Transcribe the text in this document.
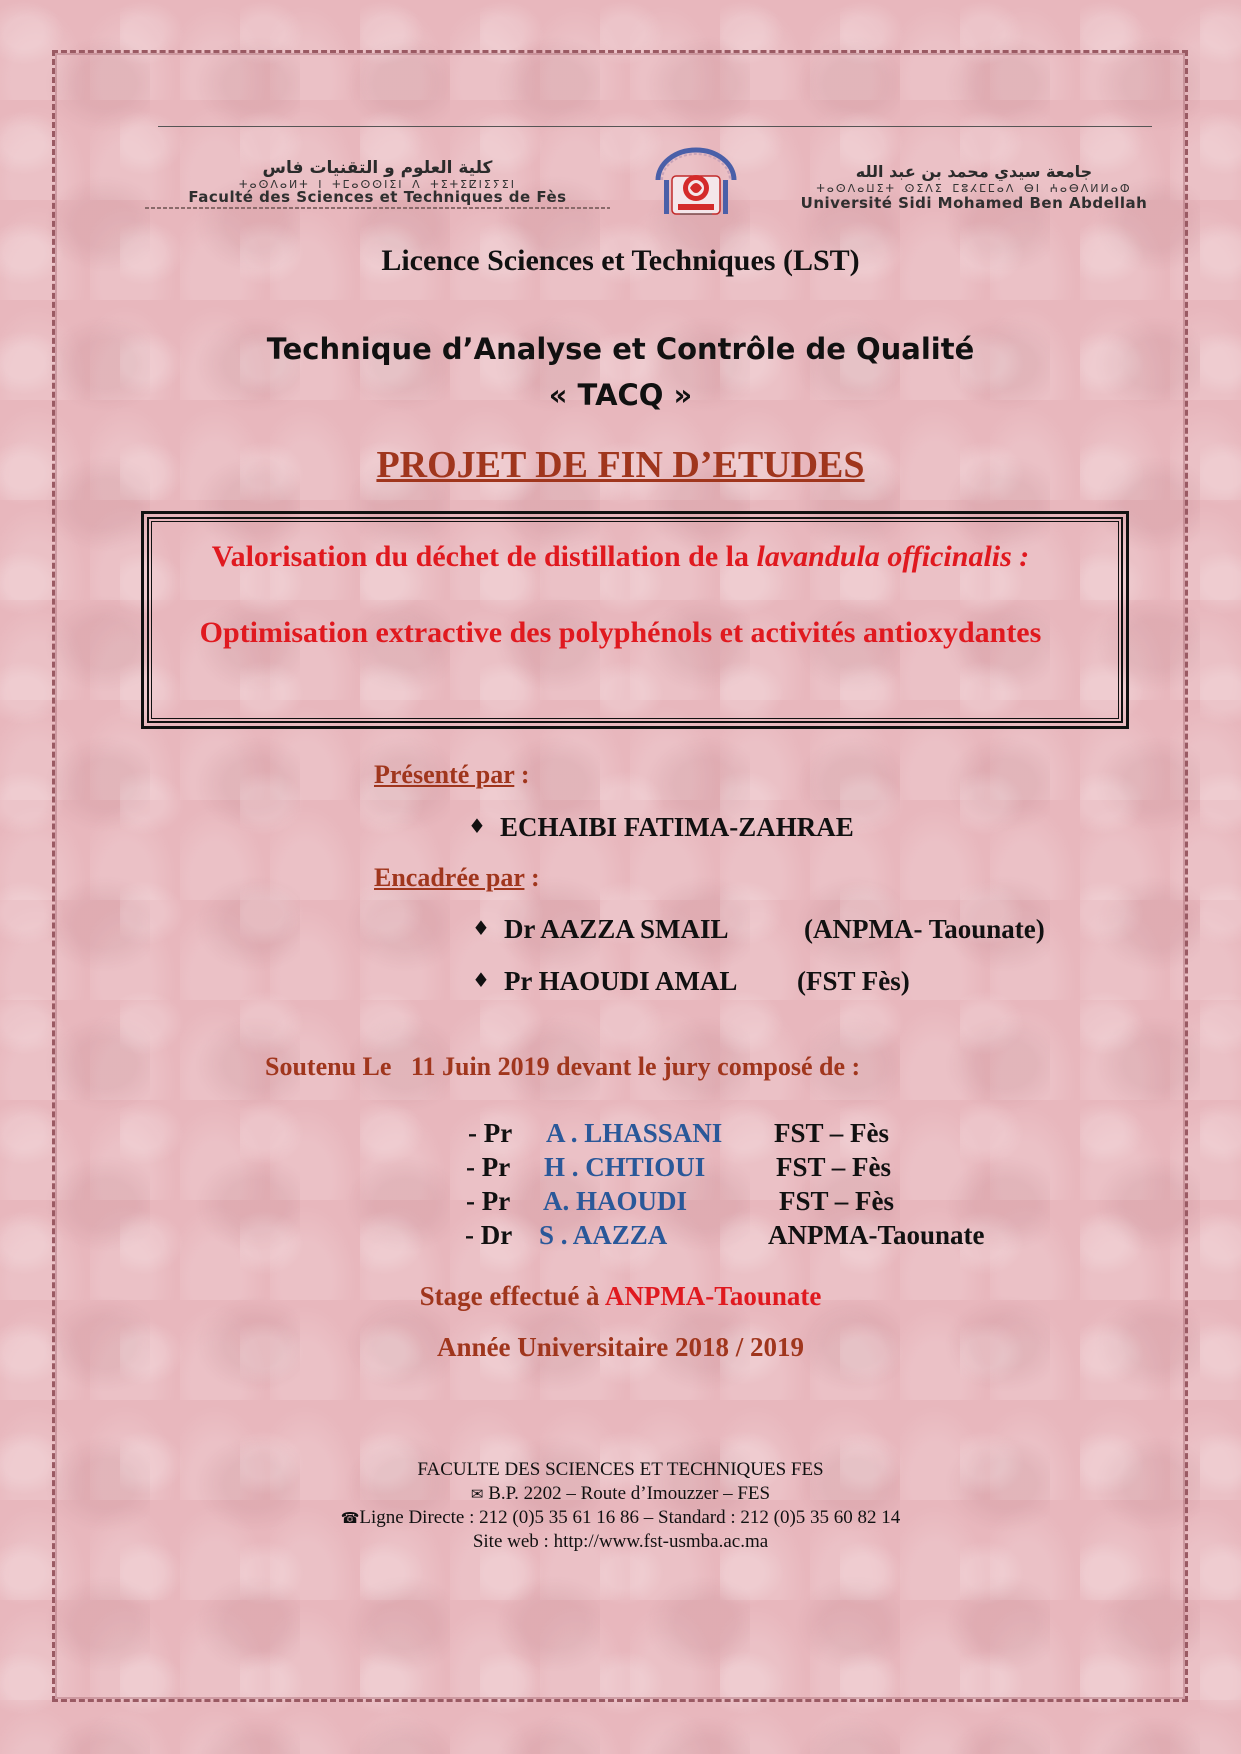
كلية العلوم و التقنيات فاس
ⵜⴰⵙⴷⴰⵍⵜ ⵏ ⵜⵎⴰⵙⵙⵏⵉⵏ ⴷ ⵜⵉⵜⵉⵇⵏⵉⵢⵉⵏ
Faculté des Sciences et Techniques de Fès
جامعة سيدي محمد بن عبد الله
ⵜⴰⵙⴷⴰⵡⵉⵜ ⵙⵉⴷⵉ ⵎⵓⵃⵎⵎⴰⴷ ⴱⵏ ⵄⴰⴱⴷⵍⵍⴰⵀ
Université Sidi Mohamed Ben Abdellah
Licence Sciences et Techniques (LST)
Technique d’Analyse et Contrôle de Qualité
« TACQ »
PROJET DE FIN D’ETUDES
Valorisation du déchet de distillation de la lavandula officinalis :
Optimisation extractive des polyphénols et activités antioxydantes
Présenté par :
♦ ECHAIBI FATIMA-ZAHRAE
Encadrée par :
♦ Dr AAZZA SMAIL	(ANPMA- Taounate)
♦ Pr HAOUDI AMAL (FST Fès)
Soutenu Le 11 Juin 2019 devant le jury composé de :
- Pr A . LHASSANI FST – Fès
- Pr H . CHTIOUI	FST – Fès
- Pr A. HAOUDI	FST – Fès
- Dr S . AAZZA	ANPMA-Taounate
Stage effectué à ANPMA-Taounate
Année Universitaire 2018 / 2019
FACULTE DES SCIENCES ET TECHNIQUES FES
✉ B.P. 2202 – Route d’Imouzzer – FES
☎Ligne Directe : 212 (0)5 35 61 16 86 – Standard : 212 (0)5 35 60 82 14
Site web : http://www.fst-usmba.ac.ma
